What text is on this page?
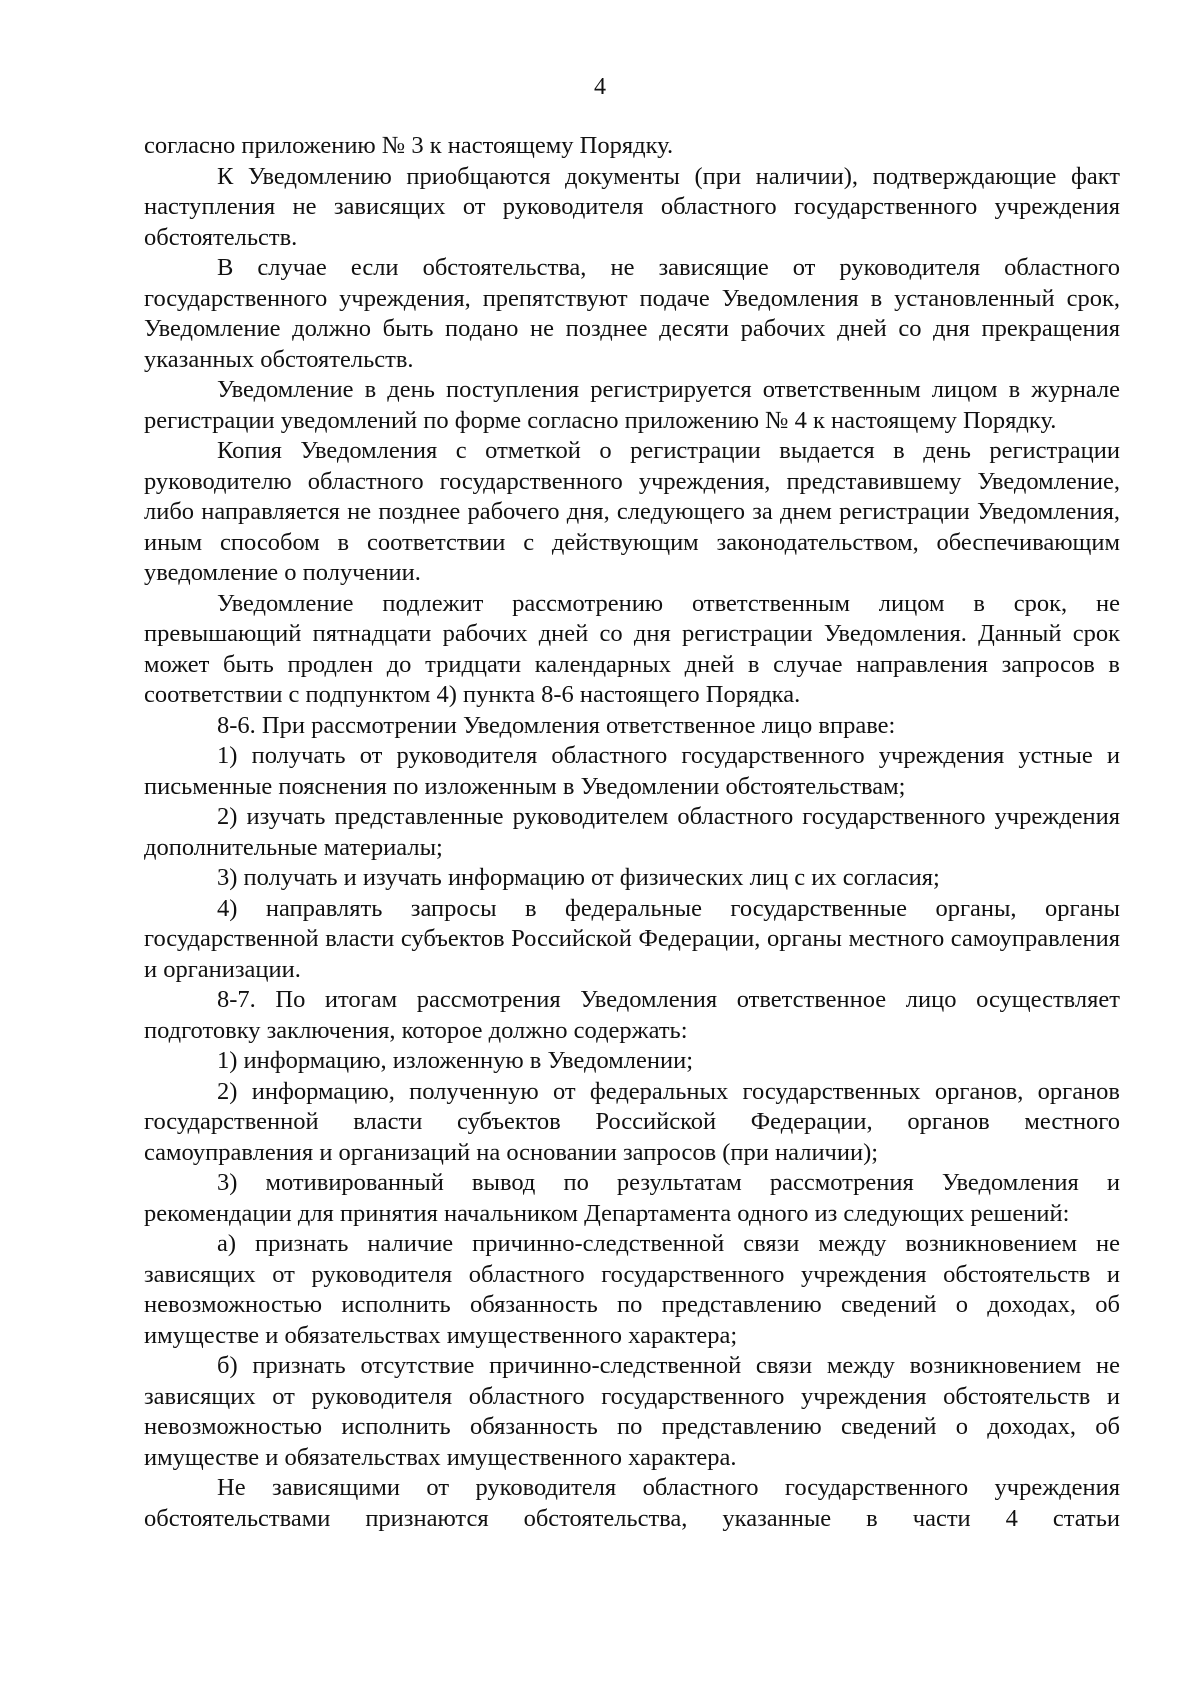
4

согласно приложению № 3 к настоящему Порядку.

К Уведомлению приобщаются документы (при наличии), подтверждающие факт наступления не зависящих от руководителя областного государственного учреждения обстоятельств.

В случае если обстоятельства, не зависящие от руководителя областного государственного учреждения, препятствуют подаче Уведомления в установленный срок, Уведомление должно быть подано не позднее десяти рабочих дней со дня прекращения указанных обстоятельств.

Уведомление в день поступления регистрируется ответственным лицом в журнале регистрации уведомлений по форме согласно приложению № 4 к настоящему Порядку.

Копия Уведомления с отметкой о регистрации выдается в день регистрации руководителю областного государственного учреждения, представившему Уведомление, либо направляется не позднее рабочего дня, следующего за днем регистрации Уведомления, иным способом в соответствии с действующим законодательством, обеспечивающим уведомление о получении.

Уведомление подлежит рассмотрению ответственным лицом в срок, не превышающий пятнадцати рабочих дней со дня регистрации Уведомления. Данный срок может быть продлен до тридцати календарных дней в случае направления запросов в соответствии с подпунктом 4) пункта 8-6 настоящего Порядка.

8-6. При рассмотрении Уведомления ответственное лицо вправе:

1) получать от руководителя областного государственного учреждения устные и письменные пояснения по изложенным в Уведомлении обстоятельствам;

2) изучать представленные руководителем областного государственного учреждения дополнительные материалы;

3) получать и изучать информацию от физических лиц с их согласия;

4) направлять запросы в федеральные государственные органы, органы государственной власти субъектов Российской Федерации, органы местного самоуправления и организации.

8-7. По итогам рассмотрения Уведомления ответственное лицо осуществляет подготовку заключения, которое должно содержать:

1) информацию, изложенную в Уведомлении;

2) информацию, полученную от федеральных государственных органов, органов государственной власти субъектов Российской Федерации, органов местного самоуправления и организаций на основании запросов (при наличии);

3) мотивированный вывод по результатам рассмотрения Уведомления и рекомендации для принятия начальником Департамента одного из следующих решений:

а) признать наличие причинно-следственной связи между возникновением не зависящих от руководителя областного государственного учреждения обстоятельств и невозможностью исполнить обязанность по представлению сведений о доходах, об имуществе и обязательствах имущественного характера;

б) признать отсутствие причинно-следственной связи между возникновением не зависящих от руководителя областного государственного учреждения обстоятельств и невозможностью исполнить обязанность по представлению сведений о доходах, об имуществе и обязательствах имущественного характера.

Не зависящими от руководителя областного государственного учреждения обстоятельствами признаются обстоятельства, указанные в части 4 статьи
